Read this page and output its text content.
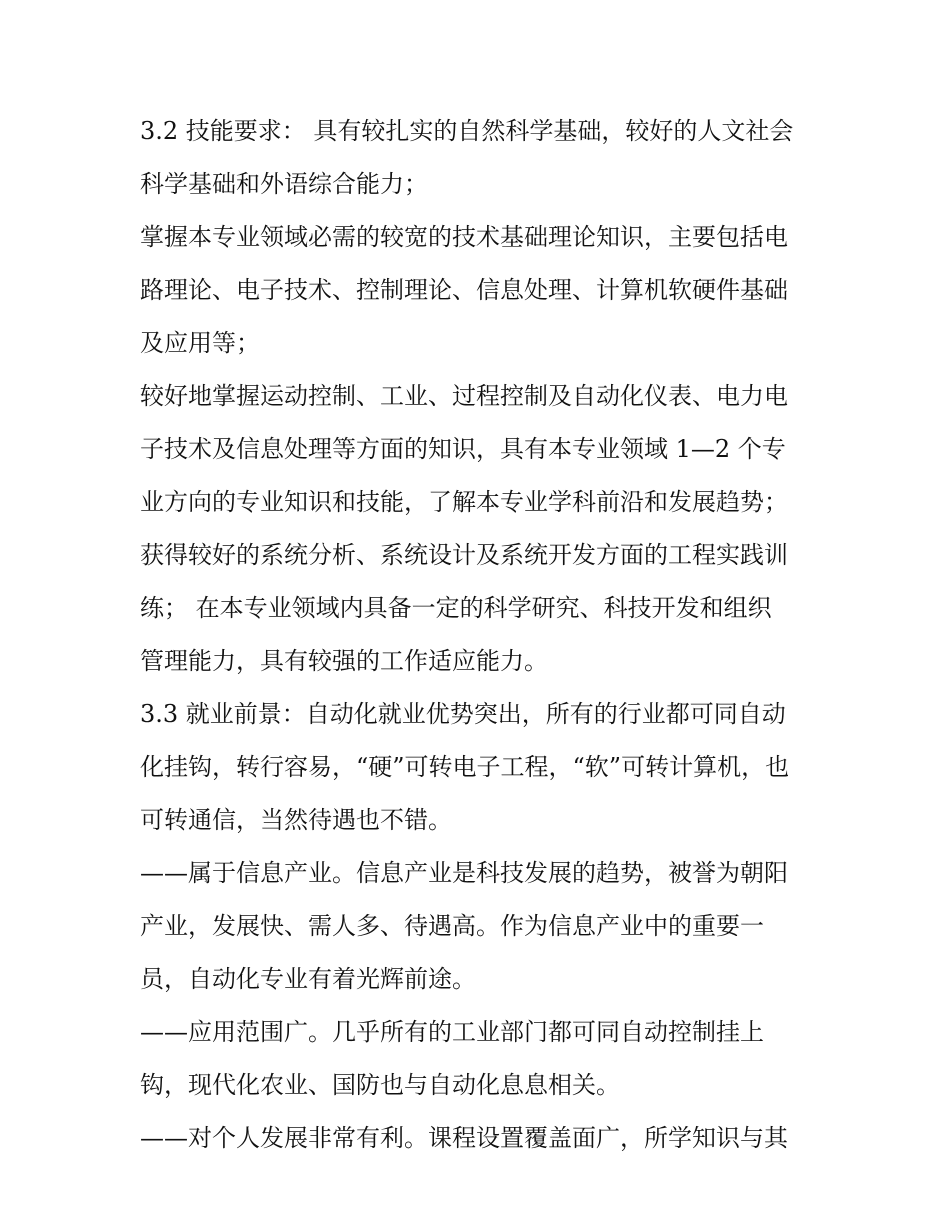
3.2 技能要求： 具有较扎实的自然科学基础，较好的人文社会
科学基础和外语综合能力；
掌握本专业领域必需的较宽的技术基础理论知识，主要包括电
路理论、电子技术、控制理论、信息处理、计算机软硬件基础
及应用等；
较好地掌握运动控制、工业、过程控制及自动化仪表、电力电
子技术及信息处理等方面的知识，具有本专业领域 1—2 个专
业方向的专业知识和技能，了解本专业学科前沿和发展趋势；
获得较好的系统分析、系统设计及系统开发方面的工程实践训
练； 在本专业领域内具备一定的科学研究、科技开发和组织
管理能力，具有较强的工作适应能力。
3.3 就业前景：自动化就业优势突出，所有的行业都可同自动
化挂钩，转行容易，“硬”可转电子工程，“软”可转计算机，也
可转通信，当然待遇也不错。
——属于信息产业。信息产业是科技发展的趋势，被誉为朝阳
产业，发展快、需人多、待遇高。作为信息产业中的重要一
员，自动化专业有着光辉前途。
——应用范围广。几乎所有的工业部门都可同自动控制挂上
钩，现代化农业、国防也与自动化息息相关。
——对个人发展非常有利。课程设置覆盖面广，所学知识与其
